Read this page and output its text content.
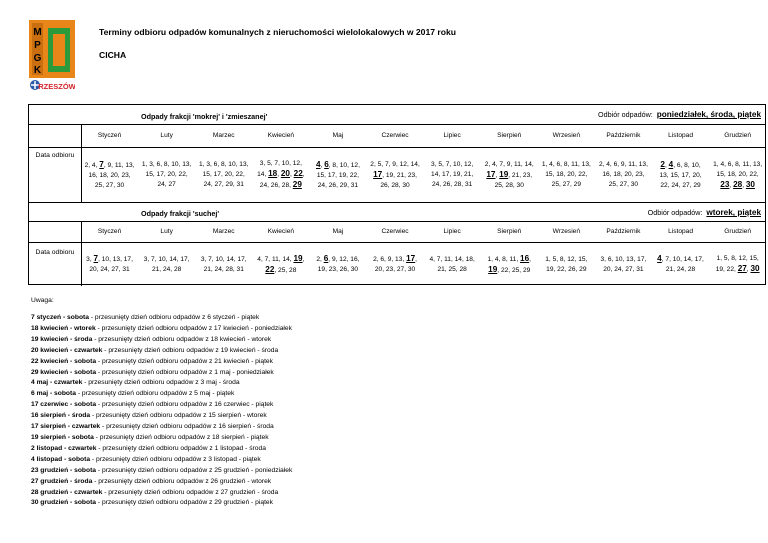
M
P
G
K
RZESZÓW
Terminy odbioru odpadów komunalnych z nieruchomości wielolokalowych w 2017 roku
CICHA
Odpady frakcji 'mokrej' i 'zmieszanej'	Odbiór odpadów: poniedziałek, środa, piątek
Odpady frakcji 'suchej'	Odbiór odpadów: wtorek, piątek
Styczeń
2, 4, 7, 9, 11, 13, 16, 18, 20, 23, 25, 27, 30
Luty
1, 3, 6, 8, 10, 13, 15, 17, 20, 22, 24, 27
Marzec
1, 3, 6, 8, 10, 13, 15, 17, 20, 22, 24, 27, 29, 31
Kwiecień
3, 5, 7, 10, 12, 14, 18, 20, 22, 24, 26, 28, 29
Maj
4, 6, 8, 10, 12, 15, 17, 19, 22, 24, 26, 29, 31
Czerwiec
2, 5, 7, 9, 12, 14, 17, 19, 21, 23, 26, 28, 30
Lipiec
3, 5, 7, 10, 12, 14, 17, 19, 21, 24, 26, 28, 31
Sierpień
2, 4, 7, 9, 11, 14, 17, 19, 21, 23, 25, 28, 30
Wrzesień
1, 4, 6, 8, 11, 13, 15, 18, 20, 22, 25, 27, 29
Październik
2, 4, 6, 9, 11, 13, 16, 18, 20, 23, 25, 27, 30
Listopad
2, 4, 6, 8, 10, 13, 15, 17, 20, 22, 24, 27, 29
Grudzień
1, 4, 6, 8, 11, 13, 15, 18, 20, 22, 23, 28, 30
Styczeń
3, 7, 10, 13, 17, 20, 24, 27, 31
Luty
3, 7, 10, 14, 17, 21, 24, 28
Marzec
3, 7, 10, 14, 17, 21, 24, 28, 31
Kwiecień
4, 7, 11, 14, 19, 22, 25, 28
Maj
2, 6, 9, 12, 16, 19, 23, 26, 30
Czerwiec
2, 6, 9, 13, 17, 20, 23, 27, 30
Lipiec
4, 7, 11, 14, 18, 21, 25, 28
Sierpień
1, 4, 8, 11, 16, 19, 22, 25, 29
Wrzesień
1, 5, 8, 12, 15, 19, 22, 26, 29
Październik
3, 6, 10, 13, 17, 20, 24, 27, 31
Listopad
4, 7, 10, 14, 17, 21, 24, 28
Grudzień
1, 5, 8, 12, 15, 19, 22, 27, 30
Data odbioru
Data odbioru
Uwaga:
7 styczeń - sobota - przesunięty dzień odbioru odpadów z 6 styczeń - piątek
18 kwiecień - wtorek - przesunięty dzień odbioru odpadów z 17 kwiecień - poniedziałek
19 kwiecień - środa - przesunięty dzień odbioru odpadów z 18 kwiecień - wtorek
20 kwiecień - czwartek - przesunięty dzień odbioru odpadów z 19 kwiecień - środa
22 kwiecień - sobota - przesunięty dzień odbioru odpadów z 21 kwiecień - piątek
29 kwiecień - sobota - przesunięty dzień odbioru odpadów z 1 maj - poniedziałek
4 maj - czwartek - przesunięty dzień odbioru odpadów z 3 maj - środa
6 maj - sobota - przesunięty dzień odbioru odpadów z 5 maj - piątek
17 czerwiec - sobota - przesunięty dzień odbioru odpadów z 16 czerwiec - piątek
16 sierpień - środa - przesunięty dzień odbioru odpadów z 15 sierpień - wtorek
17 sierpień - czwartek - przesunięty dzień odbioru odpadów z 16 sierpień - środa
19 sierpień - sobota - przesunięty dzień odbioru odpadów z 18 sierpień - piątek
2 listopad - czwartek - przesunięty dzień odbioru odpadów z 1 listopad - środa
4 listopad - sobota - przesunięty dzień odbioru odpadów z 3 listopad - piątek
23 grudzień - sobota - przesunięty dzień odbioru odpadów z 25 grudzień - poniedziałek
27 grudzień - środa - przesunięty dzień odbioru odpadów z 26 grudzień - wtorek
28 grudzień - czwartek - przesunięty dzień odbioru odpadów z 27 grudzień - środa
30 grudzień - sobota - przesunięty dzień odbioru odpadów z 29 grudzień - piątek
